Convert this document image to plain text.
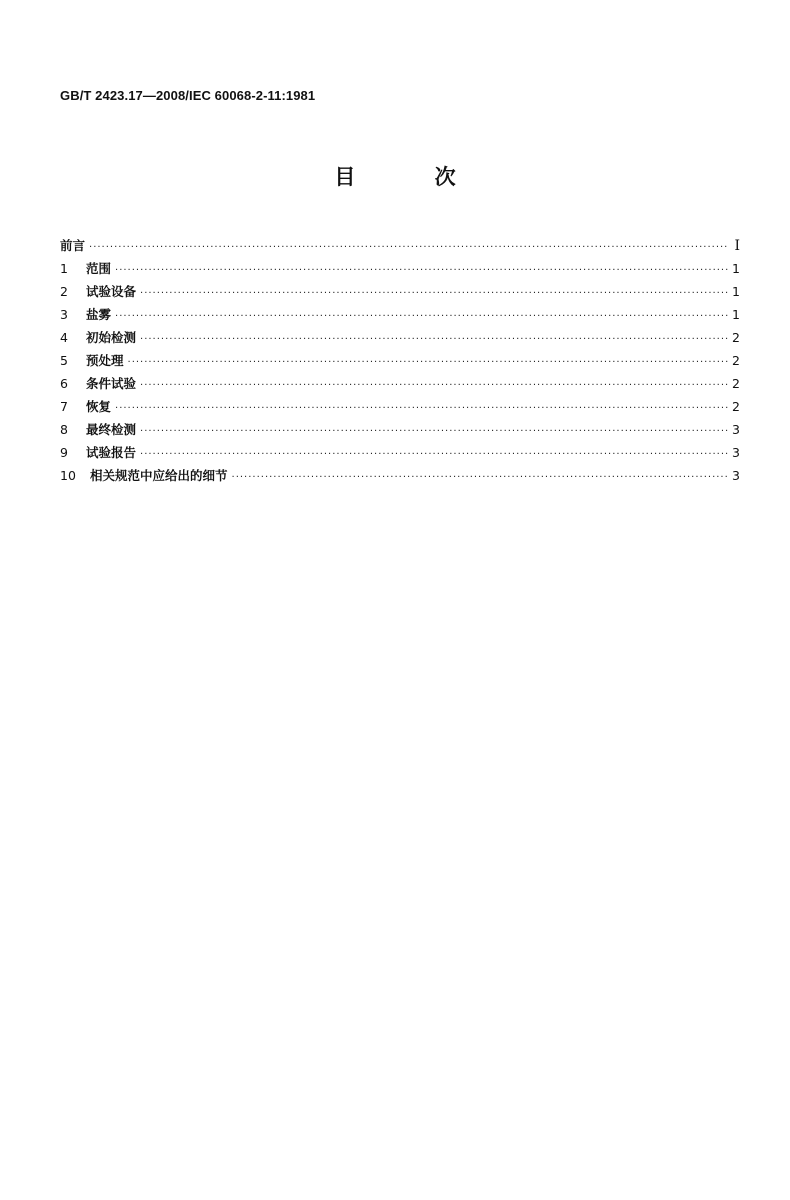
GB/T 2423.17—2008/IEC 60068-2-11:1981
目 次
前言 ·····	Ⅰ
1	范围 ·····	1
2	试验设备 ·····	1
3	盐雾 ·····	1
4	初始检测 ·····	2
5	预处理 ·····	2
6	条件试验 ·····	2
7	恢复 ·····	2
8	最终检测 ·····	3
9	试验报告 ·····	3
10	相关规范中应给出的细节 ·····	3
